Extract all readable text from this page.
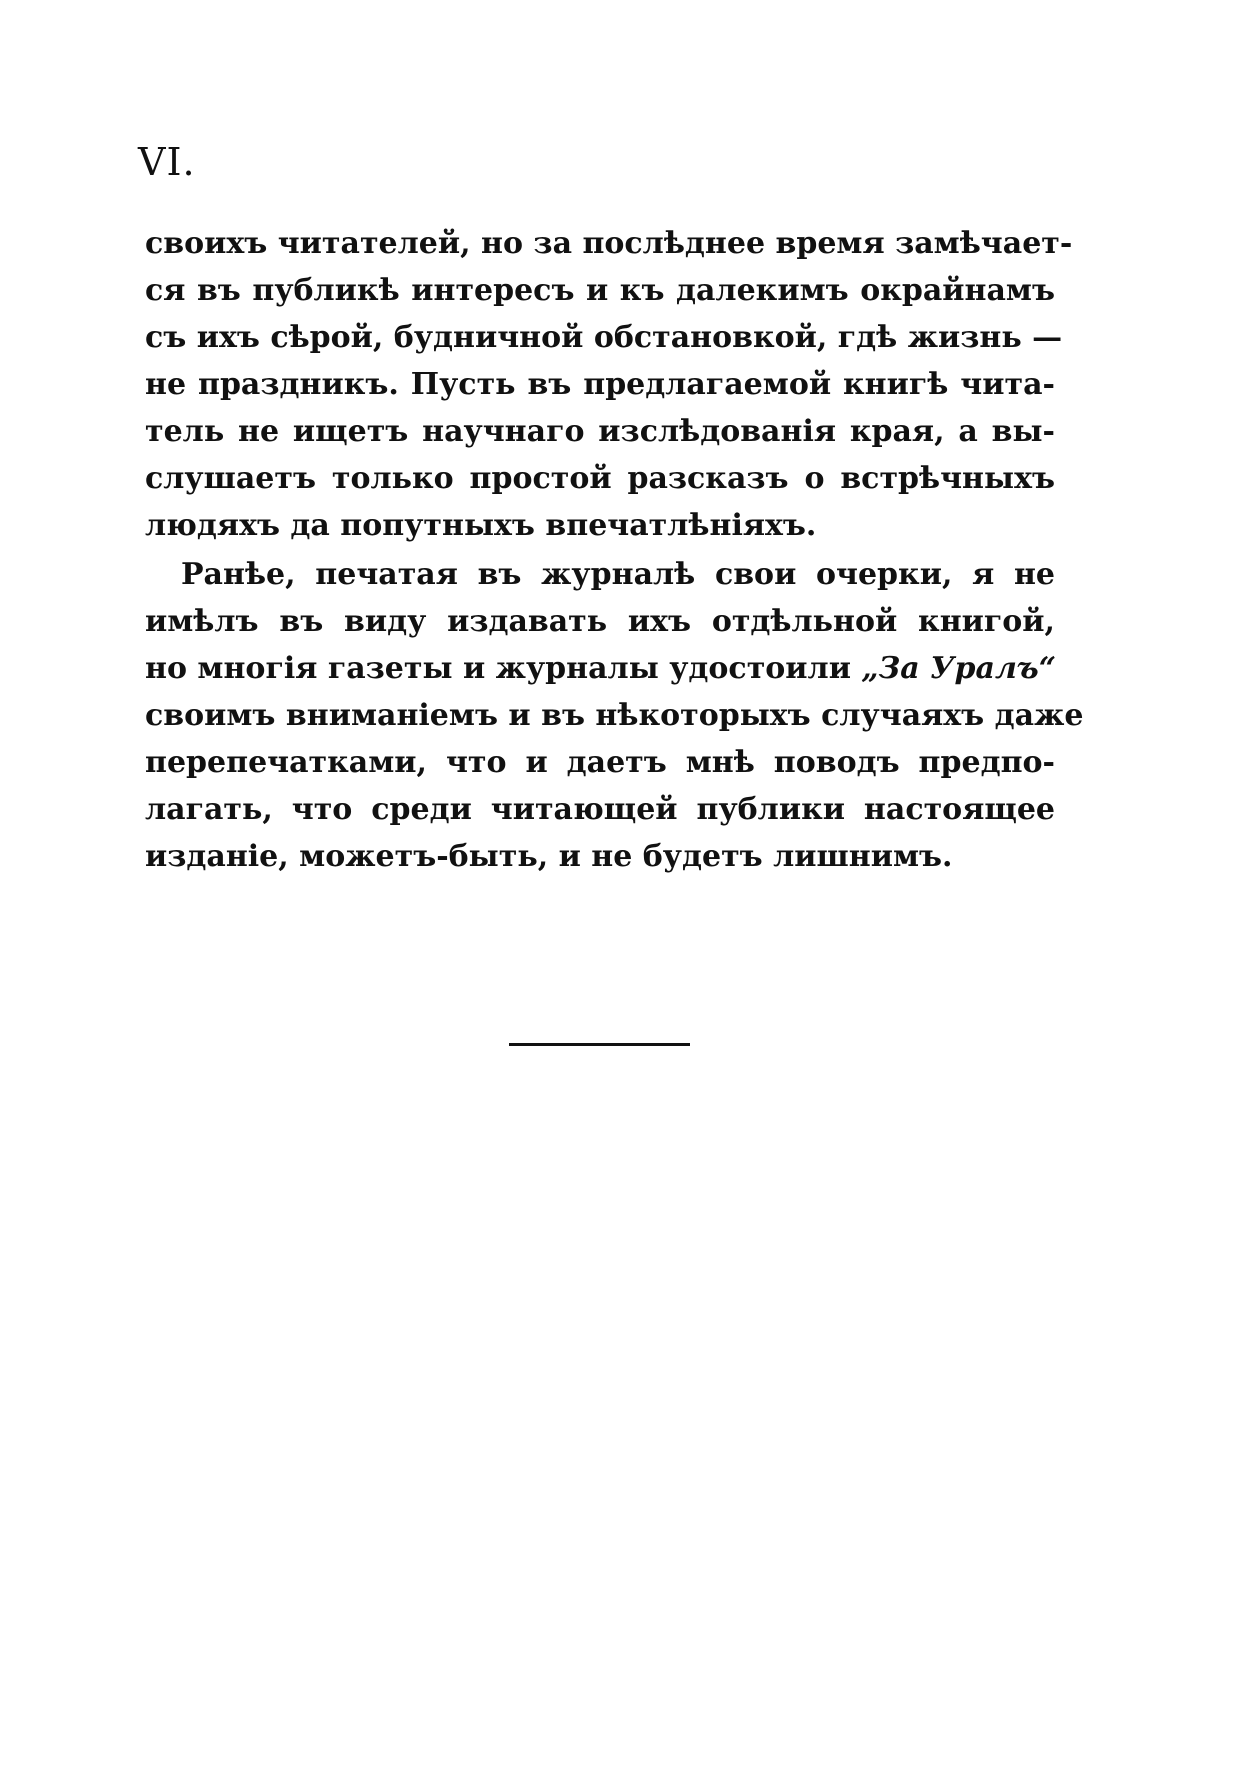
VI.
своихъ читателей, но за послѣднее время замѣчает-
ся въ публикѣ интересъ и къ далекимъ окрайнамъ
съ ихъ сѣрой, будничной обстановкой, гдѣ жизнь —
не праздникъ. Пусть въ предлагаемой книгѣ чита-
тель не ищетъ научнаго изслѣдованія края, а вы-
слушаетъ только простой разсказъ о встрѣчныхъ
людяхъ да попутныхъ впечатлѣніяхъ.
Ранѣе, печатая въ журналѣ свои очерки, я не
имѣлъ въ виду издавать ихъ отдѣльной книгой,
но многія газеты и журналы удостоили „За Уралъ“
своимъ вниманіемъ и въ нѣкоторыхъ случаяхъ даже
перепечатками, что и даетъ мнѣ поводъ предпо-
лагать, что среди читающей публики настоящее
изданіе, можетъ-быть, и не будетъ лишнимъ.
